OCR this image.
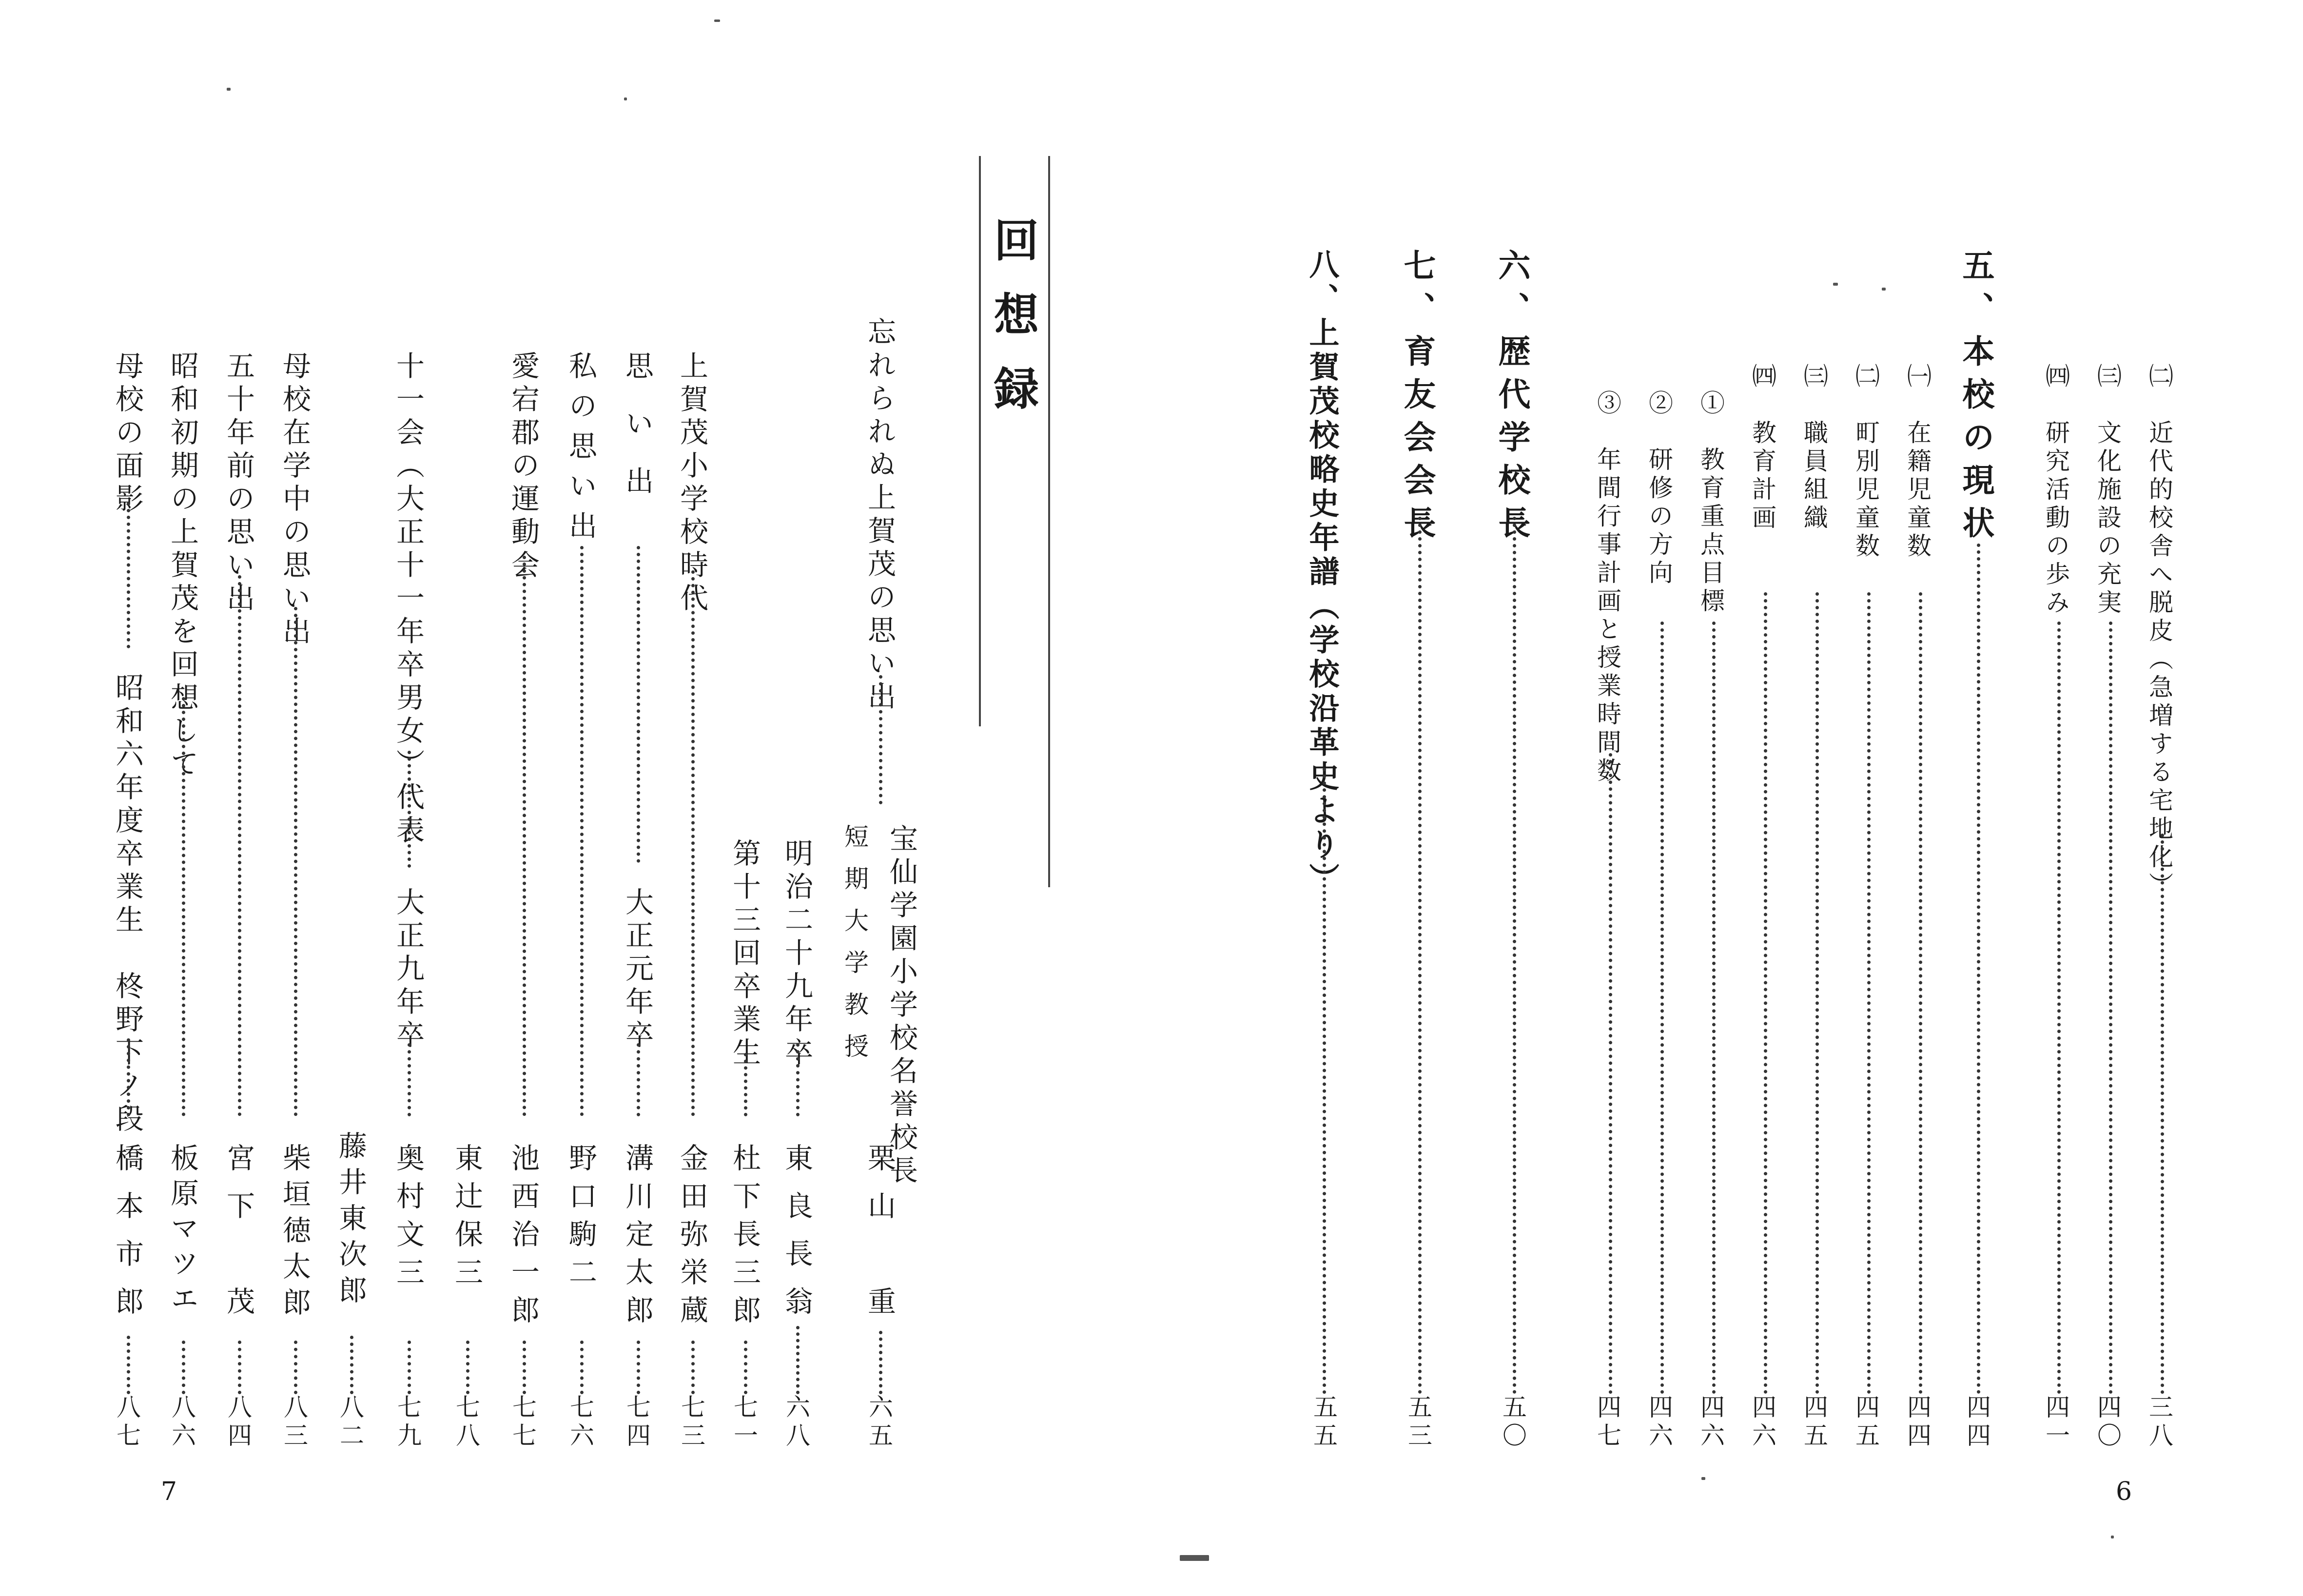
㈡　近代的校舎へ脱皮（急増する宅地化）
三八
㈢　文化施設の充実
四〇
㈣　研究活動の歩み
四一
五、本校の現状
四四
㈠　在籍児童数
四四
㈡　町別児童数
四五
㈢　職員組織
四五
㈣　教育計画
四六
①　教育重点目標
四六
②　研修の方向
四六
③　年間行事計画と授業時間数
四七
六、歴代学校長
五〇
七、育友会会長
五三
八、上賀茂校略史年譜（学校沿革史より）
五五
6
回想録
忘れられぬ上賀茂の思い出
宝仙学園小学校名誉校長
短期大学教授
栗山　重
六五
明治二十九年卒
東良長翁
六八
第十三回卒業生
杜下長三郎
七一
上賀茂小学校時代
金田弥栄蔵
七三
思い出
大正元年卒
溝川定太郎
七四
私の思い出
野口駒二
七六
愛宕郡の運動会
池西治一郎
七七
東辻保三
七八
十一会（大正十一年卒男女）代表
大正九年卒
奥村文三
七九
藤井東次郎
八二
母校在学中の思い出
柴垣徳太郎
八三
五十年前の思い出
宮下　茂
八四
昭和初期の上賀茂を回想して
板原マツエ
八六
母校の面影
昭和六年度卒業生　柊野下ノ段
橋本市郎
八七
7
